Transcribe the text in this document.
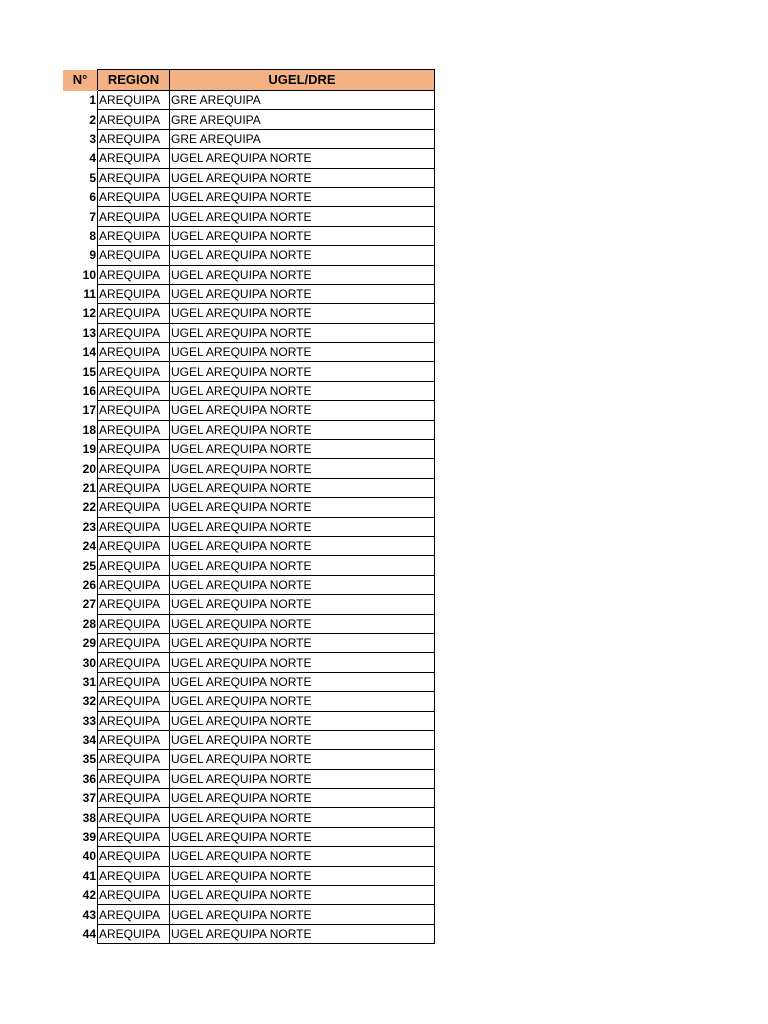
N°	REGION	UGEL/DRE
1	AREQUIPA	GRE AREQUIPA
2	AREQUIPA	GRE AREQUIPA
3	AREQUIPA	GRE AREQUIPA
4	AREQUIPA	UGEL AREQUIPA NORTE
5	AREQUIPA	UGEL AREQUIPA NORTE
6	AREQUIPA	UGEL AREQUIPA NORTE
7	AREQUIPA	UGEL AREQUIPA NORTE
8	AREQUIPA	UGEL AREQUIPA NORTE
9	AREQUIPA	UGEL AREQUIPA NORTE
10	AREQUIPA	UGEL AREQUIPA NORTE
11	AREQUIPA	UGEL AREQUIPA NORTE
12	AREQUIPA	UGEL AREQUIPA NORTE
13	AREQUIPA	UGEL AREQUIPA NORTE
14	AREQUIPA	UGEL AREQUIPA NORTE
15	AREQUIPA	UGEL AREQUIPA NORTE
16	AREQUIPA	UGEL AREQUIPA NORTE
17	AREQUIPA	UGEL AREQUIPA NORTE
18	AREQUIPA	UGEL AREQUIPA NORTE
19	AREQUIPA	UGEL AREQUIPA NORTE
20	AREQUIPA	UGEL AREQUIPA NORTE
21	AREQUIPA	UGEL AREQUIPA NORTE
22	AREQUIPA	UGEL AREQUIPA NORTE
23	AREQUIPA	UGEL AREQUIPA NORTE
24	AREQUIPA	UGEL AREQUIPA NORTE
25	AREQUIPA	UGEL AREQUIPA NORTE
26	AREQUIPA	UGEL AREQUIPA NORTE
27	AREQUIPA	UGEL AREQUIPA NORTE
28	AREQUIPA	UGEL AREQUIPA NORTE
29	AREQUIPA	UGEL AREQUIPA NORTE
30	AREQUIPA	UGEL AREQUIPA NORTE
31	AREQUIPA	UGEL AREQUIPA NORTE
32	AREQUIPA	UGEL AREQUIPA NORTE
33	AREQUIPA	UGEL AREQUIPA NORTE
34	AREQUIPA	UGEL AREQUIPA NORTE
35	AREQUIPA	UGEL AREQUIPA NORTE
36	AREQUIPA	UGEL AREQUIPA NORTE
37	AREQUIPA	UGEL AREQUIPA NORTE
38	AREQUIPA	UGEL AREQUIPA NORTE
39	AREQUIPA	UGEL AREQUIPA NORTE
40	AREQUIPA	UGEL AREQUIPA NORTE
41	AREQUIPA	UGEL AREQUIPA NORTE
42	AREQUIPA	UGEL AREQUIPA NORTE
43	AREQUIPA	UGEL AREQUIPA NORTE
44	AREQUIPA	UGEL AREQUIPA NORTE
